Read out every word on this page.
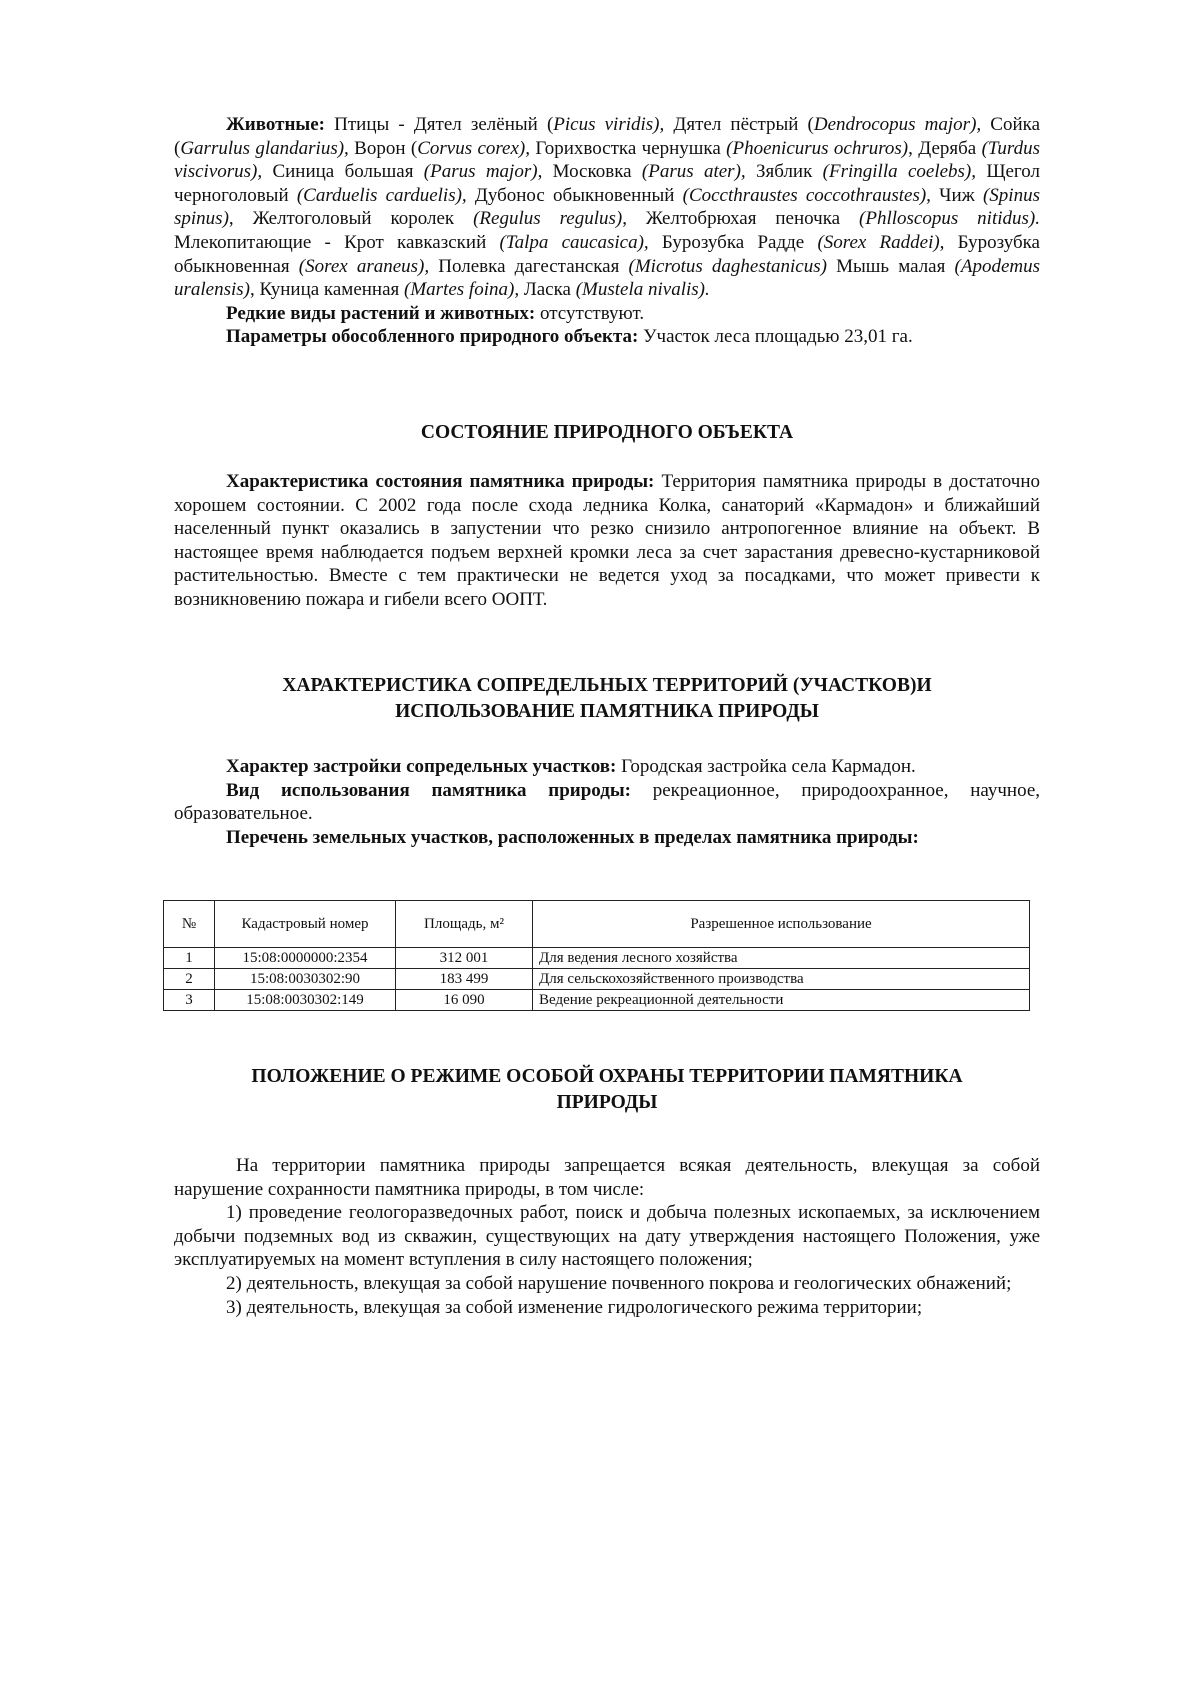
Животные: Птицы - Дятел зелёный (Picus viridis), Дятел пёстрый (Dendrocopus major), Сойка (Garrulus glandarius), Ворон (Corvus corex), Горихвостка чернушка (Phoenicurus ochruros), Деряба (Turdus viscivorus), Синица большая (Parus major), Московка (Parus ater), Зяблик (Fringilla coelebs), Щегол черноголовый (Carduelis carduelis), Дубонос обыкновенный (Coccthraustes coccothraustes), Чиж (Spinus spinus), Желтоголовый королек (Regulus regulus), Желтобрюхая пеночка (Phlloscopus nitidus). Млекопитающие - Крот кавказский (Talpa caucasica), Бурозубка Радде (Sorex Raddei), Бурозубка обыкновенная (Sorex araneus), Полевка дагестанская (Microtus daghestanicus) Мышь малая (Apodemus uralensis), Куница каменная (Martes foina), Ласка (Mustela nivalis).

Редкие виды растений и животных: отсутствуют.

Параметры обособленного природного объекта: Участок леса площадью 23,01 га.

СОСТОЯНИЕ ПРИРОДНОГО ОБЪЕКТА

Характеристика состояния памятника природы: Территория памятника природы в достаточно хорошем состоянии. С 2002 года после схода ледника Колка, санаторий «Кармадон» и ближайший населенный пункт оказались в запустении что резко снизило антропогенное влияние на объект. В настоящее время наблюдается подъем верхней кромки леса за счет зарастания древесно-кустарниковой растительностью. Вместе с тем практически не ведется уход за посадками, что может привести к возникновению пожара и гибели всего ООПТ.

ХАРАКТЕРИСТИКА СОПРЕДЕЛЬНЫХ ТЕРРИТОРИЙ (УЧАСТКОВ)И

ИСПОЛЬЗОВАНИЕ ПАМЯТНИКА ПРИРОДЫ

Характер застройки сопредельных участков: Городская застройка села Кармадон.

Вид использования памятника природы: рекреационное, природоохранное, научное, образовательное.

Перечень земельных участков, расположенных в пределах памятника природы:

№	Кадастровый номер	Площадь, м²	Разрешенное использование
1	15:08:0000000:2354	312 001	Для ведения лесного хозяйства
2	15:08:0030302:90	183 499	Для сельскохозяйственного производства
3	15:08:0030302:149	16 090	Ведение рекреационной деятельности

ПОЛОЖЕНИЕ О РЕЖИМЕ ОСОБОЙ ОХРАНЫ ТЕРРИТОРИИ ПАМЯТНИКА

ПРИРОДЫ

На территории памятника природы запрещается всякая деятельность, влекущая за собой нарушение сохранности памятника природы, в том числе:

1) проведение геологоразведочных работ, поиск и добыча полезных ископаемых, за исключением добычи подземных вод из скважин, существующих на дату утверждения настоящего Положения, уже эксплуатируемых на момент вступления в силу настоящего положения;

2) деятельность, влекущая за собой нарушение почвенного покрова и геологических обнажений;

3) деятельность, влекущая за собой изменение гидрологического режима территории;
